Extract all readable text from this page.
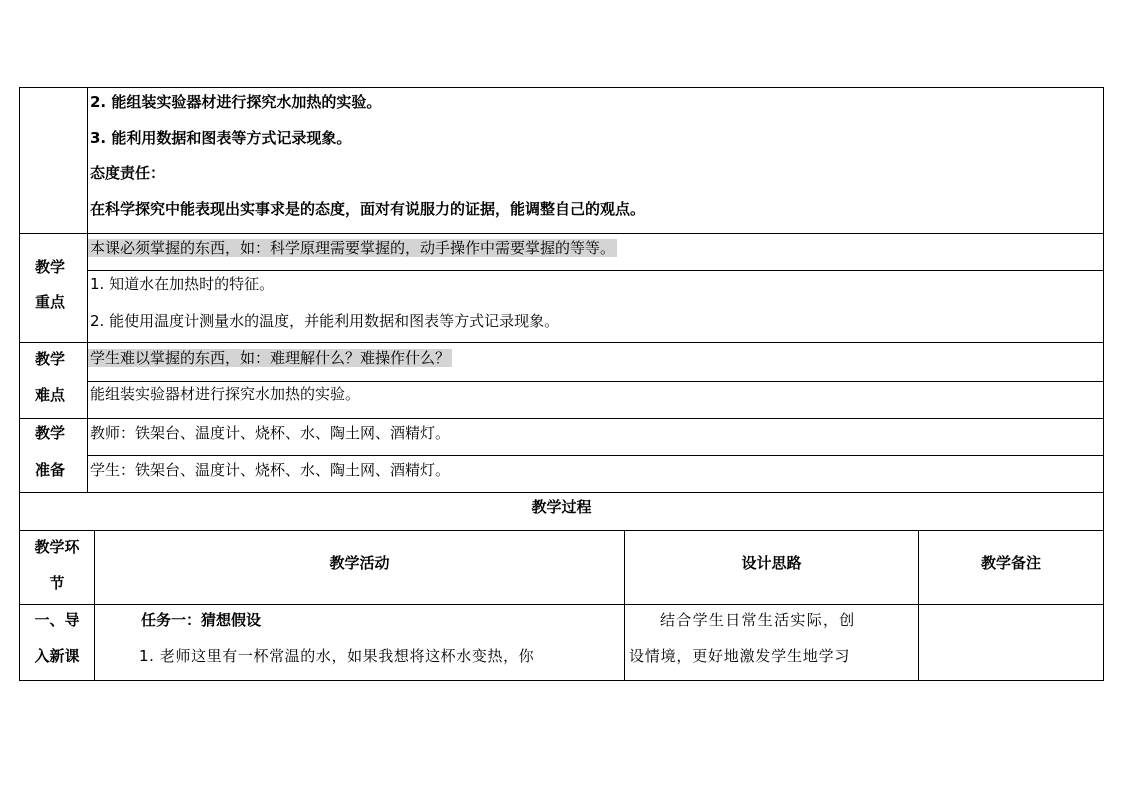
2. 能组装实验器材进行探究水加热的实验。
3. 能利用数据和图表等方式记录现象。
态度责任：
在科学探究中能表现出实事求是的态度，面对有说服力的证据，能调整自己的观点。
教学
重点
本课必须掌握的东西，如：科学原理需要掌握的，动手操作中需要掌握的等等。
1. 知道水在加热时的特征。
2. 能使用温度计测量水的温度，并能利用数据和图表等方式记录现象。
教学
难点
学生难以掌握的东西，如：难理解什么？难操作什么？
能组装实验器材进行探究水加热的实验。
教学
准备
教师：铁架台、温度计、烧杯、水、陶土网、酒精灯。
学生：铁架台、温度计、烧杯、水、陶土网、酒精灯。
教学过程
教学环
节
教学活动	设计思路	教学备注
一、导
入新课
任务一：猜想假设
1. 老师这里有一杯常温的水，如果我想将这杯水变热，你
结合学生日常生活实际，创
设情境，更好地激发学生地学习
